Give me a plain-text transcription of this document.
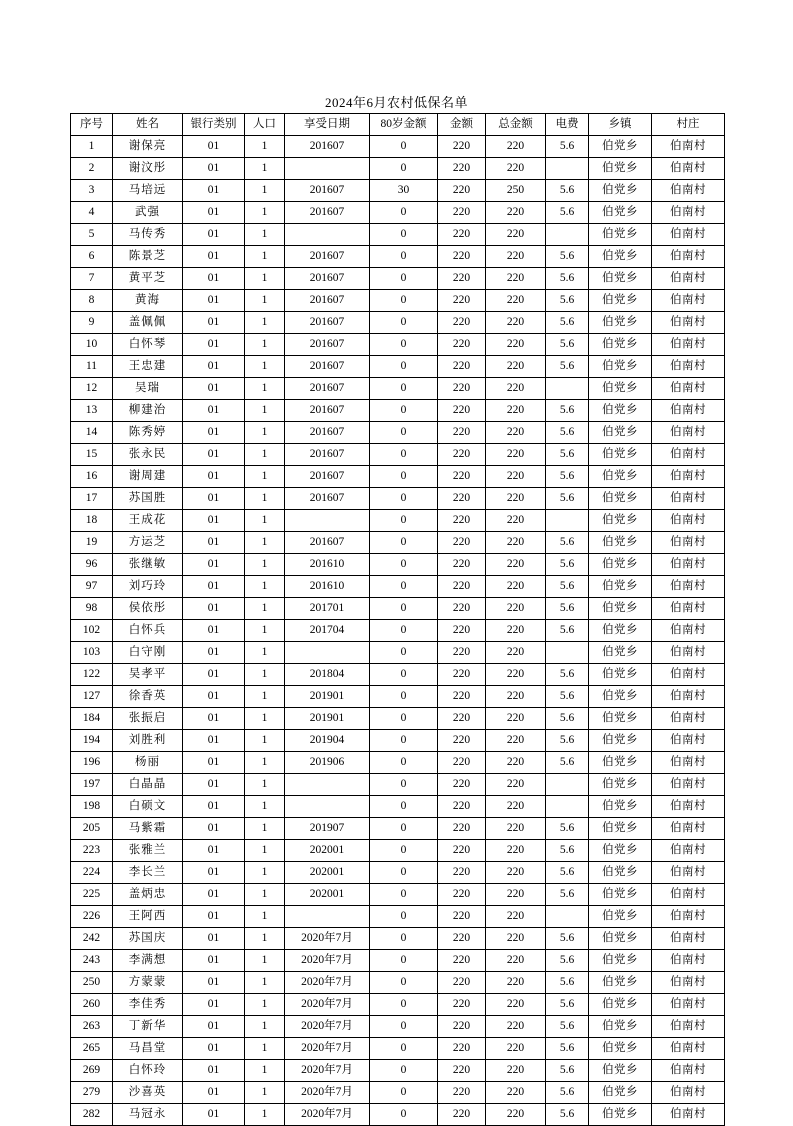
2024年6月农村低保名单
序号	姓名	银行类别	人口	享受日期	80岁金额	金额	总金额	电费	乡镇	村庄
1	谢保亮	01	1	201607	0	220	220	5.6	伯党乡	伯南村
2	谢汶彤	01	1		0	220	220		伯党乡	伯南村
3	马培远	01	1	201607	30	220	250	5.6	伯党乡	伯南村
4	武强	01	1	201607	0	220	220	5.6	伯党乡	伯南村
5	马传秀	01	1		0	220	220		伯党乡	伯南村
6	陈景芝	01	1	201607	0	220	220	5.6	伯党乡	伯南村
7	黄平芝	01	1	201607	0	220	220	5.6	伯党乡	伯南村
8	黄海	01	1	201607	0	220	220	5.6	伯党乡	伯南村
9	盖佩佩	01	1	201607	0	220	220	5.6	伯党乡	伯南村
10	白怀琴	01	1	201607	0	220	220	5.6	伯党乡	伯南村
11	王忠建	01	1	201607	0	220	220	5.6	伯党乡	伯南村
12	吴瑞	01	1	201607	0	220	220		伯党乡	伯南村
13	柳建治	01	1	201607	0	220	220	5.6	伯党乡	伯南村
14	陈秀婷	01	1	201607	0	220	220	5.6	伯党乡	伯南村
15	张永民	01	1	201607	0	220	220	5.6	伯党乡	伯南村
16	谢周建	01	1	201607	0	220	220	5.6	伯党乡	伯南村
17	苏国胜	01	1	201607	0	220	220	5.6	伯党乡	伯南村
18	王成花	01	1		0	220	220		伯党乡	伯南村
19	方运芝	01	1	201607	0	220	220	5.6	伯党乡	伯南村
96	张继敏	01	1	201610	0	220	220	5.6	伯党乡	伯南村
97	刘巧玲	01	1	201610	0	220	220	5.6	伯党乡	伯南村
98	侯依彤	01	1	201701	0	220	220	5.6	伯党乡	伯南村
102	白怀兵	01	1	201704	0	220	220	5.6	伯党乡	伯南村
103	白守刚	01	1		0	220	220		伯党乡	伯南村
122	吴孝平	01	1	201804	0	220	220	5.6	伯党乡	伯南村
127	徐香英	01	1	201901	0	220	220	5.6	伯党乡	伯南村
184	张振启	01	1	201901	0	220	220	5.6	伯党乡	伯南村
194	刘胜利	01	1	201904	0	220	220	5.6	伯党乡	伯南村
196	杨丽	01	1	201906	0	220	220	5.6	伯党乡	伯南村
197	白晶晶	01	1		0	220	220		伯党乡	伯南村
198	白硕文	01	1		0	220	220		伯党乡	伯南村
205	马紫霜	01	1	201907	0	220	220	5.6	伯党乡	伯南村
223	张雅兰	01	1	202001	0	220	220	5.6	伯党乡	伯南村
224	李长兰	01	1	202001	0	220	220	5.6	伯党乡	伯南村
225	盖炳忠	01	1	202001	0	220	220	5.6	伯党乡	伯南村
226	王阿西	01	1		0	220	220		伯党乡	伯南村
242	苏国庆	01	1	2020年7月	0	220	220	5.6	伯党乡	伯南村
243	李满想	01	1	2020年7月	0	220	220	5.6	伯党乡	伯南村
250	方蒙蒙	01	1	2020年7月	0	220	220	5.6	伯党乡	伯南村
260	李佳秀	01	1	2020年7月	0	220	220	5.6	伯党乡	伯南村
263	丁新华	01	1	2020年7月	0	220	220	5.6	伯党乡	伯南村
265	马昌堂	01	1	2020年7月	0	220	220	5.6	伯党乡	伯南村
269	白怀玲	01	1	2020年7月	0	220	220	5.6	伯党乡	伯南村
279	沙喜英	01	1	2020年7月	0	220	220	5.6	伯党乡	伯南村
282	马冠永	01	1	2020年7月	0	220	220	5.6	伯党乡	伯南村
